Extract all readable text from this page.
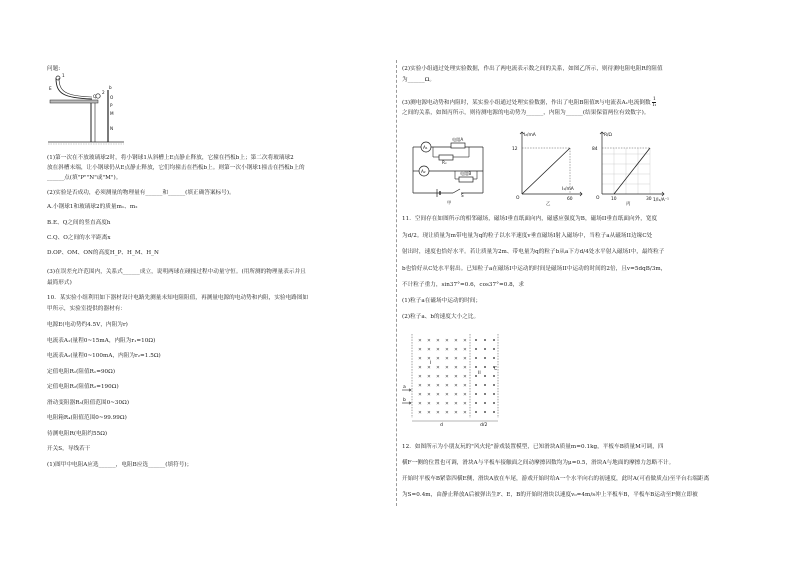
问题:
E
1
2
Q
b
O
P
M
N
(1)第一次在不放玻璃球2时，将小钢球1从斜槽上E点静止释放，它撞在挡板b上；第二次将玻璃球2
放在斜槽末端，让小钢球仍从E点静止释放，它们均撞击在挡板b上。则第一次小钢球1撞击在挡板b上的
______点(填"P""N"或"M")。
(2)实验是否成功，必须测量的物理量有______和______(填正确答案标号)。
A.小钢球1和玻璃球2的质量m₁、m₂
B.E、Q之间的竖直高度h
C.Q、O之间的水平距离x
D.OP、OM、ON的高度H_P、H_M、H_N
(3)在误差允许范围内，关系式______成立，说明两球在碰撞过程中动量守恒。(用所测的物理量表示并且
最简形式)
10．某实验小组利用如下器材设计电路先测量未知电阻阻值，再测量电源的电动势和内阻，实验电路图如
甲所示，实验室提供的器材有：
电源E(电动势约4.5V，内阻为r)
电流表A₁(量程0~15mA，内阻为r₁=10Ω)
电流表A₂(量程0~100mA，内阻为r₂=1.5Ω)
定值电阻R₁(阻值R₁=90Ω)
定值电阻R₂(阻值R₂=190Ω)
滑动变阻器R₃(阻值范围0~30Ω)
电阻箱R₄(阻值范围0~99.99Ω)
待测电阻R(电阻约55Ω)
开关S，导线若干
(1)图甲中电阻A应选______，电阻B应选______(填符号)；
(2)实验小组通过处理实验数据，作出了两电流表示数之间的关系，如图乙所示，则待测电阻电阻R的阻值
为______Ω。
(3)测电源电动势和内阻时，某实验小组通过处理实验数据，作出了电阻B阻值R与电流表A₁电流倒数 $\frac{1}{\text{I₁}}$
之间的关系，如图丙所示，则待测电源的电动势为______，内阻为______(结果保留两位有效数字)。
A₁
A₂
电阻A
Rₓ
电阻B
S
甲
I₂/mA
12
60
I₁/mA
O
乙
R/Ω
84
10	30 1/I₁/A⁻¹
O
丙
11．空间存在如图所示的相邻磁场，磁场I垂直纸面向内，磁感应强度为B，磁场II垂直纸面向外，宽度
为d/2。现让质量为m带电量为q的粒子以水平速度v垂直磁场I射入磁场中，当粒子a从磁场II边缘C处
射出时，速度也恰好水平。若让质量为2m、带电量为q的粒子b从a下方d/4处水平射入磁场I中，最终粒子
b也恰好从C处水平射出。已知粒子a在磁场I中运动的时间是磁场II中运动的时间的2倍，且v=5dqB/3m，
不计粒子重力，sin37°=0.6，cos37°=0.8，求
(1)粒子a在磁场中运动的时间；
(2)粒子a、b的速度大小之比。
× × × × × ×
× × × × × ×
× × × × × ×
× × × × × ×
× × × × × ×
× × × × × ×
× × × × × ×
× × × × × ×
× × × × × ×
I
II
C
a
b
d	d/2
12．如图所示为小朋友玩的"风火轮"游戏装置模型，已知滑块A质量m=0.1kg，平板车B质量M可调，四
横F一侧的位置也可调，滑块A与平板车接触面之间动摩擦因数均为μ=0.5，滑块A与地面的摩擦力忽略不计。
开始时平板车B紧靠四横E侧，滑块A放在车尾，游戏开始时给A一个水平向右的初速度，此时A(可看做质点)至平台右端距离
为S=0.4m，由静止释放A后被弹出生F、E，B的开始时滑块以速度v₀=4m/s冲上平板车B，平板车B运动至F侧立即被
